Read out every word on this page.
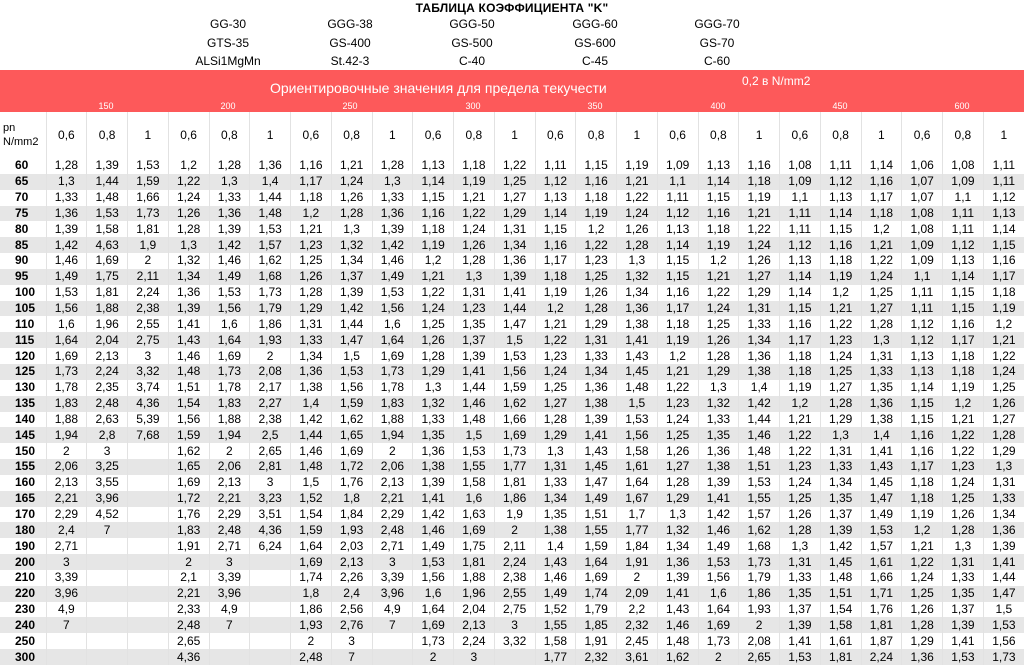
ТАБЛИЦА КОЭФФИЦИЕНТА "K"
GG-30
GTS-35
ALSi1MgMn
GGG-38
GS-400
St.42-3
GGG-50
GS-500
C-40
GGG-60
GS-600
C-45
GGG-70
GS-70
C-60
Ориентировочные значения для предела текучести	0,2 в N/mm2
150	200	250	300	350	400	450	600
pn
N/mm2	0,6	0,8	1	0,6	0,8	1	0,6	0,8	1	0,6	0,8	1	0,6	0,8	1	0,6	0,8	1	0,6	0,8	1	0,6	0,8	1
60	1,28	1,39	1,53	1,2	1,28	1,36	1,16	1,21	1,28	1,13	1,18	1,22	1,11	1,15	1,19	1,09	1,13	1,16	1,08	1,11	1,14	1,06	1,08	1,11
65	1,3	1,44	1,59	1,22	1,3	1,4	1,17	1,24	1,3	1,14	1,19	1,25	1,12	1,16	1,21	1,1	1,14	1,18	1,09	1,12	1,16	1,07	1,09	1,11
70	1,33	1,48	1,66	1,24	1,33	1,44	1,18	1,26	1,33	1,15	1,21	1,27	1,13	1,18	1,22	1,11	1,15	1,19	1,1	1,13	1,17	1,07	1,1	1,12
75	1,36	1,53	1,73	1,26	1,36	1,48	1,2	1,28	1,36	1,16	1,22	1,29	1,14	1,19	1,24	1,12	1,16	1,21	1,11	1,14	1,18	1,08	1,11	1,13
80	1,39	1,58	1,81	1,28	1,39	1,53	1,21	1,3	1,39	1,18	1,24	1,31	1,15	1,2	1,26	1,13	1,18	1,22	1,11	1,15	1,2	1,08	1,11	1,14
85	1,42	4,63	1,9	1,3	1,42	1,57	1,23	1,32	1,42	1,19	1,26	1,34	1,16	1,22	1,28	1,14	1,19	1,24	1,12	1,16	1,21	1,09	1,12	1,15
90	1,46	1,69	2	1,32	1,46	1,62	1,25	1,34	1,46	1,2	1,28	1,36	1,17	1,23	1,3	1,15	1,2	1,26	1,13	1,18	1,22	1,09	1,13	1,16
95	1,49	1,75	2,11	1,34	1,49	1,68	1,26	1,37	1,49	1,21	1,3	1,39	1,18	1,25	1,32	1,15	1,21	1,27	1,14	1,19	1,24	1,1	1,14	1,17
100	1,53	1,81	2,24	1,36	1,53	1,73	1,28	1,39	1,53	1,22	1,31	1,41	1,19	1,26	1,34	1,16	1,22	1,29	1,14	1,2	1,25	1,11	1,15	1,18
105	1,56	1,88	2,38	1,39	1,56	1,79	1,29	1,42	1,56	1,24	1,23	1,44	1,2	1,28	1,36	1,17	1,24	1,31	1,15	1,21	1,27	1,11	1,15	1,19
110	1,6	1,96	2,55	1,41	1,6	1,86	1,31	1,44	1,6	1,25	1,35	1,47	1,21	1,29	1,38	1,18	1,25	1,33	1,16	1,22	1,28	1,12	1,16	1,2
115	1,64	2,04	2,75	1,43	1,64	1,93	1,33	1,47	1,64	1,26	1,37	1,5	1,22	1,31	1,41	1,19	1,26	1,34	1,17	1,23	1,3	1,12	1,17	1,21
120	1,69	2,13	3	1,46	1,69	2	1,34	1,5	1,69	1,28	1,39	1,53	1,23	1,33	1,43	1,2	1,28	1,36	1,18	1,24	1,31	1,13	1,18	1,22
125	1,73	2,24	3,32	1,48	1,73	2,08	1,36	1,53	1,73	1,29	1,41	1,56	1,24	1,34	1,45	1,21	1,29	1,38	1,18	1,25	1,33	1,13	1,18	1,24
130	1,78	2,35	3,74	1,51	1,78	2,17	1,38	1,56	1,78	1,3	1,44	1,59	1,25	1,36	1,48	1,22	1,3	1,4	1,19	1,27	1,35	1,14	1,19	1,25
135	1,83	2,48	4,36	1,54	1,83	2,27	1,4	1,59	1,83	1,32	1,46	1,62	1,27	1,38	1,5	1,23	1,32	1,42	1,2	1,28	1,36	1,15	1,2	1,26
140	1,88	2,63	5,39	1,56	1,88	2,38	1,42	1,62	1,88	1,33	1,48	1,66	1,28	1,39	1,53	1,24	1,33	1,44	1,21	1,29	1,38	1,15	1,21	1,27
145	1,94	2,8	7,68	1,59	1,94	2,5	1,44	1,65	1,94	1,35	1,5	1,69	1,29	1,41	1,56	1,25	1,35	1,46	1,22	1,3	1,4	1,16	1,22	1,28
150	2	3		1,62	2	2,65	1,46	1,69	2	1,36	1,53	1,73	1,3	1,43	1,58	1,26	1,36	1,48	1,22	1,31	1,41	1,16	1,22	1,29
155	2,06	3,25		1,65	2,06	2,81	1,48	1,72	2,06	1,38	1,55	1,77	1,31	1,45	1,61	1,27	1,38	1,51	1,23	1,33	1,43	1,17	1,23	1,3
160	2,13	3,55		1,69	2,13	3	1,5	1,76	2,13	1,39	1,58	1,81	1,33	1,47	1,64	1,28	1,39	1,53	1,24	1,34	1,45	1,18	1,24	1,31
165	2,21	3,96		1,72	2,21	3,23	1,52	1,8	2,21	1,41	1,6	1,86	1,34	1,49	1,67	1,29	1,41	1,55	1,25	1,35	1,47	1,18	1,25	1,33
170	2,29	4,52		1,76	2,29	3,51	1,54	1,84	2,29	1,42	1,63	1,9	1,35	1,51	1,7	1,3	1,42	1,57	1,26	1,37	1,49	1,19	1,26	1,34
180	2,4	7		1,83	2,48	4,36	1,59	1,93	2,48	1,46	1,69	2	1,38	1,55	1,77	1,32	1,46	1,62	1,28	1,39	1,53	1,2	1,28	1,36
190	2,71			1,91	2,71	6,24	1,64	2,03	2,71	1,49	1,75	2,11	1,4	1,59	1,84	1,34	1,49	1,68	1,3	1,42	1,57	1,21	1,3	1,39
200	3			2	3		1,69	2,13	3	1,53	1,81	2,24	1,43	1,64	1,91	1,36	1,53	1,73	1,31	1,45	1,61	1,22	1,31	1,41
210	3,39			2,1	3,39		1,74	2,26	3,39	1,56	1,88	2,38	1,46	1,69	2	1,39	1,56	1,79	1,33	1,48	1,66	1,24	1,33	1,44
220	3,96			2,21	3,96		1,8	2,4	3,96	1,6	1,96	2,55	1,49	1,74	2,09	1,41	1,6	1,86	1,35	1,51	1,71	1,25	1,35	1,47
230	4,9			2,33	4,9		1,86	2,56	4,9	1,64	2,04	2,75	1,52	1,79	2,2	1,43	1,64	1,93	1,37	1,54	1,76	1,26	1,37	1,5
240	7			2,48	7		1,93	2,76	7	1,69	2,13	3	1,55	1,85	2,32	1,46	1,69	2	1,39	1,58	1,81	1,28	1,39	1,53
250				2,65			2	3		1,73	2,24	3,32	1,58	1,91	2,45	1,48	1,73	2,08	1,41	1,61	1,87	1,29	1,41	1,56
300				4,36			2,48	7		2	3		1,77	2,32	3,61	1,62	2	2,65	1,53	1,81	2,24	1,36	1,53	1,73
